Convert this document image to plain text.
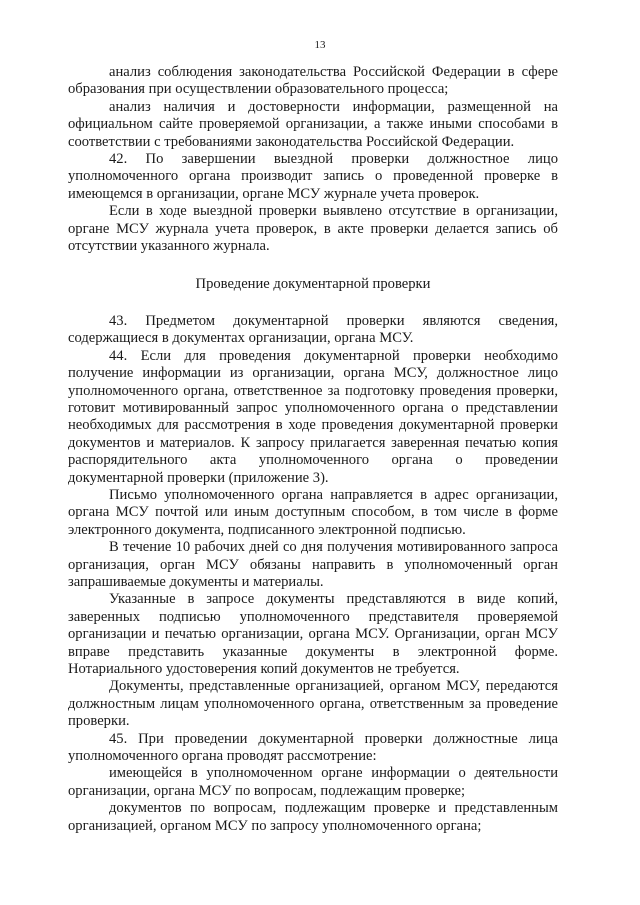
13

анализ соблюдения законодательства Российской Федерации в сфере образования при осуществлении образовательного процесса;

анализ наличия и достоверности информации, размещенной на официальном сайте проверяемой организации, а также иными способами в соответствии с требованиями законодательства Российской Федерации.

42. По завершении выездной проверки должностное лицо уполномоченного органа производит запись о проведенной проверке в имеющемся в организации, органе МСУ журнале учета проверок.

Если в ходе выездной проверки выявлено отсутствие в организации, органе МСУ журнала учета проверок, в акте проверки делается запись об отсутствии указанного журнала.

Проведение документарной проверки

43. Предметом документарной проверки являются сведения, содержащиеся в документах организации, органа МСУ.

44. Если для проведения документарной проверки необходимо получение информации из организации, органа МСУ, должностное лицо уполномоченного органа, ответственное за подготовку проведения проверки, готовит мотивированный запрос уполномоченного органа о представлении необходимых для рассмотрения в ходе проведения документарной проверки документов и материалов. К запросу прилагается заверенная печатью копия распорядительного акта уполномоченного органа о проведении документарной проверки (приложение 3).

Письмо уполномоченного органа направляется в адрес организации, органа МСУ почтой или иным доступным способом, в том числе в форме электронного документа, подписанного электронной подписью.

В течение 10 рабочих дней со дня получения мотивированного запроса организация, орган МСУ обязаны направить в уполномоченный орган запрашиваемые документы и материалы.

Указанные в запросе документы представляются в виде копий, заверенных подписью уполномоченного представителя проверяемой организации и печатью организации, органа МСУ. Организации, орган МСУ вправе представить указанные документы в электронной форме. Нотариального удостоверения копий документов не требуется.

Документы, представленные организацией, органом МСУ, передаются должностным лицам уполномоченного органа, ответственным за проведение проверки.

45. При проведении документарной проверки должностные лица уполномоченного органа проводят рассмотрение:

имеющейся в уполномоченном органе информации о деятельности организации, органа МСУ по вопросам, подлежащим проверке;

документов по вопросам, подлежащим проверке и представленным организацией, органом МСУ по запросу уполномоченного органа;
